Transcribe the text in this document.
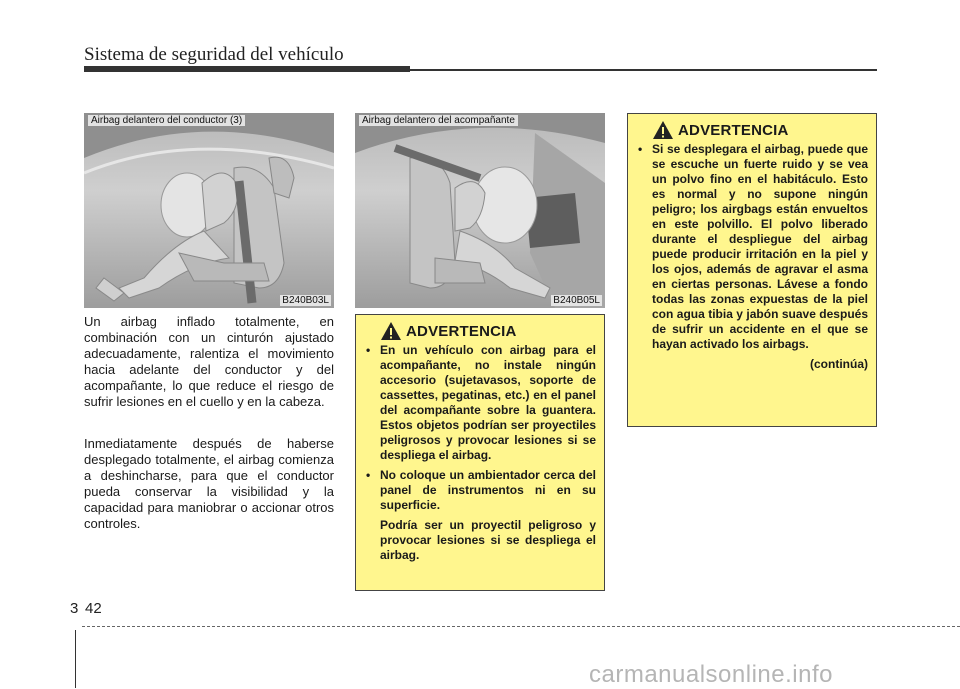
Sistema de seguridad del vehículo
Airbag delantero del conductor (3)
B240B03L
Airbag delantero del acompañante
B240B05L

Un airbag inflado totalmente, en combinación con un cinturón ajustado adecuadamente, ralentiza el movimiento hacia adelante del conductor y del acompañante, lo que reduce el riesgo de sufrir lesiones en el cuello y en la cabeza.

Inmediatamente después de haberse desplegado totalmente, el airbag comienza a deshincharse, para que el conductor pueda conservar la visibilidad y la capacidad para maniobrar o accionar otros controles.

ADVERTENCIA
• En un vehículo con airbag para el acompañante, no instale ningún accesorio (sujetavasos, soporte de cassettes, pegatinas, etc.) en el panel del acompañante sobre la guantera. Estos objetos podrían ser proyectiles peligrosos y provocar lesiones si se despliega el airbag.
• No coloque un ambientador cerca del panel de instrumentos ni en su superficie.

Podría ser un proyectil peligroso y provocar lesiones si se despliega el airbag.

ADVERTENCIA
• Si se desplegara el airbag, puede que se escuche un fuerte ruido y se vea un polvo fino en el habitáculo. Esto es normal y no supone ningún peligro; los airgbags están envueltos en este polvillo. El polvo liberado durante el despliegue del airbag puede producir irritación en la piel y los ojos, además de agravar el asma en ciertas personas. Lávese a fondo todas las zonas expuestas de la piel con agua tibia y jabón suave después de sufrir un accidente en el que se hayan activado los airbags.
(continúa)
3 42
carmanualsonline.info
